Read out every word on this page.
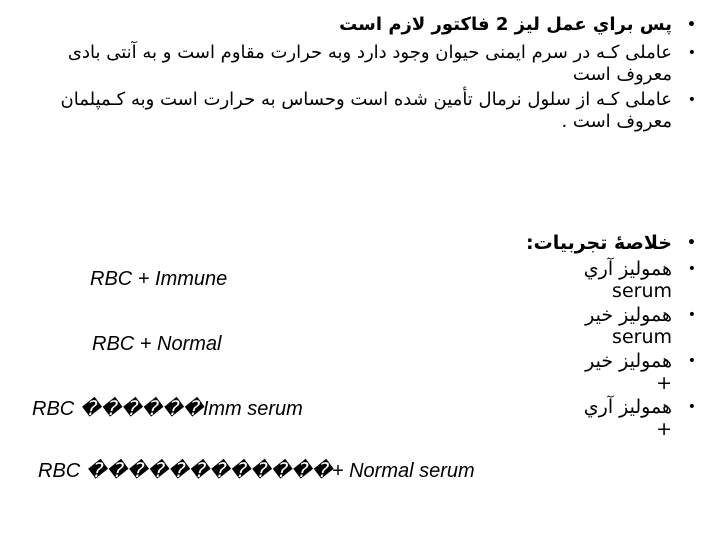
•
پس براي عمل لیز 2 فاکتور لازم است
•
عاملی کـه در سرم ایمنی حیوان وجود دارد وبه حرارت مقاوم است و به آنتی بادی معروف است
•
عاملی کـه از سلول نرمال تأمین شده است وحساس به حرارت است وبه کـمپلمان معروف است .
•
خلاصۀ تجربیات:
•
همولیز آري
serum
•
همولیز خیر
serum
•
همولیز خیر
+
•
همولیز آري
+
RBC + Immune
RBC + Normal
RBC ������Imm serum
RBC ������������+ Normal serum
